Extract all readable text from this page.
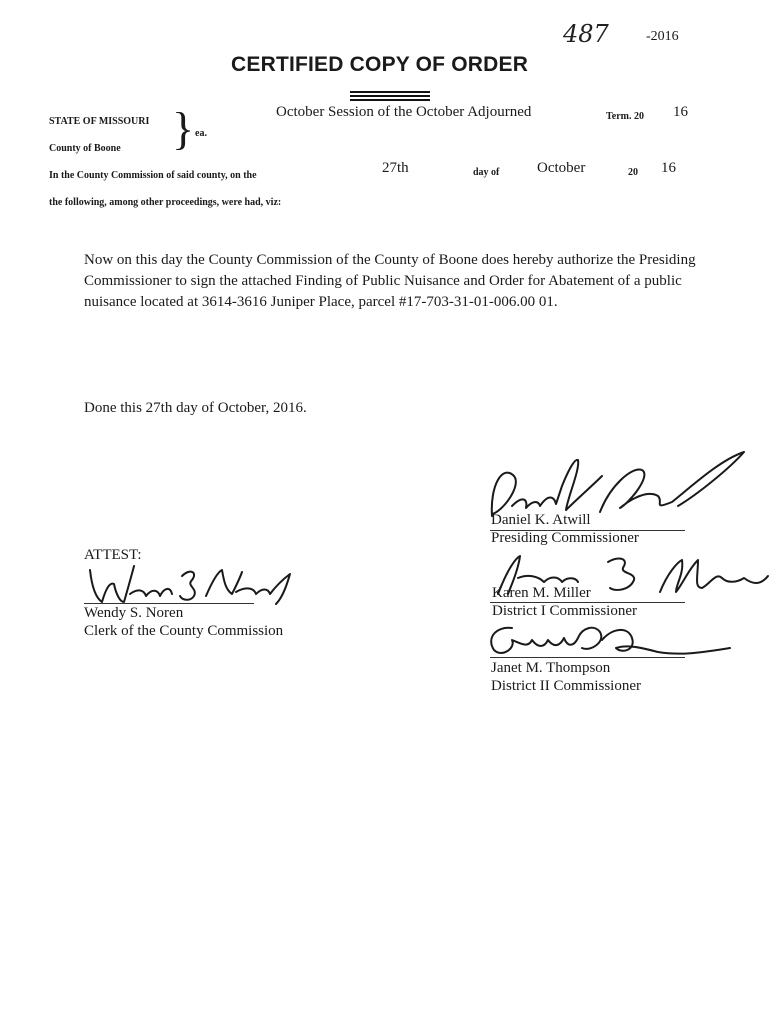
487	-2016
CERTIFIED COPY OF ORDER
STATE OF MISSOURI
County of Boone } ea.
October Session of the October Adjourned	Term. 20 16
In the County Commission of said county, on the	27th	day of	October	20 16
the following, among other proceedings, were had, viz:
Now on this day the County Commission of the County of Boone does hereby authorize the Presiding Commissioner to sign the attached Finding of Public Nuisance and Order for Abatement of a public nuisance located at 3614-3616 Juniper Place, parcel #17-703-31-01-006.00 01.
Done this 27th day of October, 2016.
Daniel K. Atwill
Presiding Commissioner
Karen M. Miller
District I Commissioner
Janet M. Thompson
District II Commissioner
ATTEST:
Wendy S. Noren
Clerk of the County Commission
